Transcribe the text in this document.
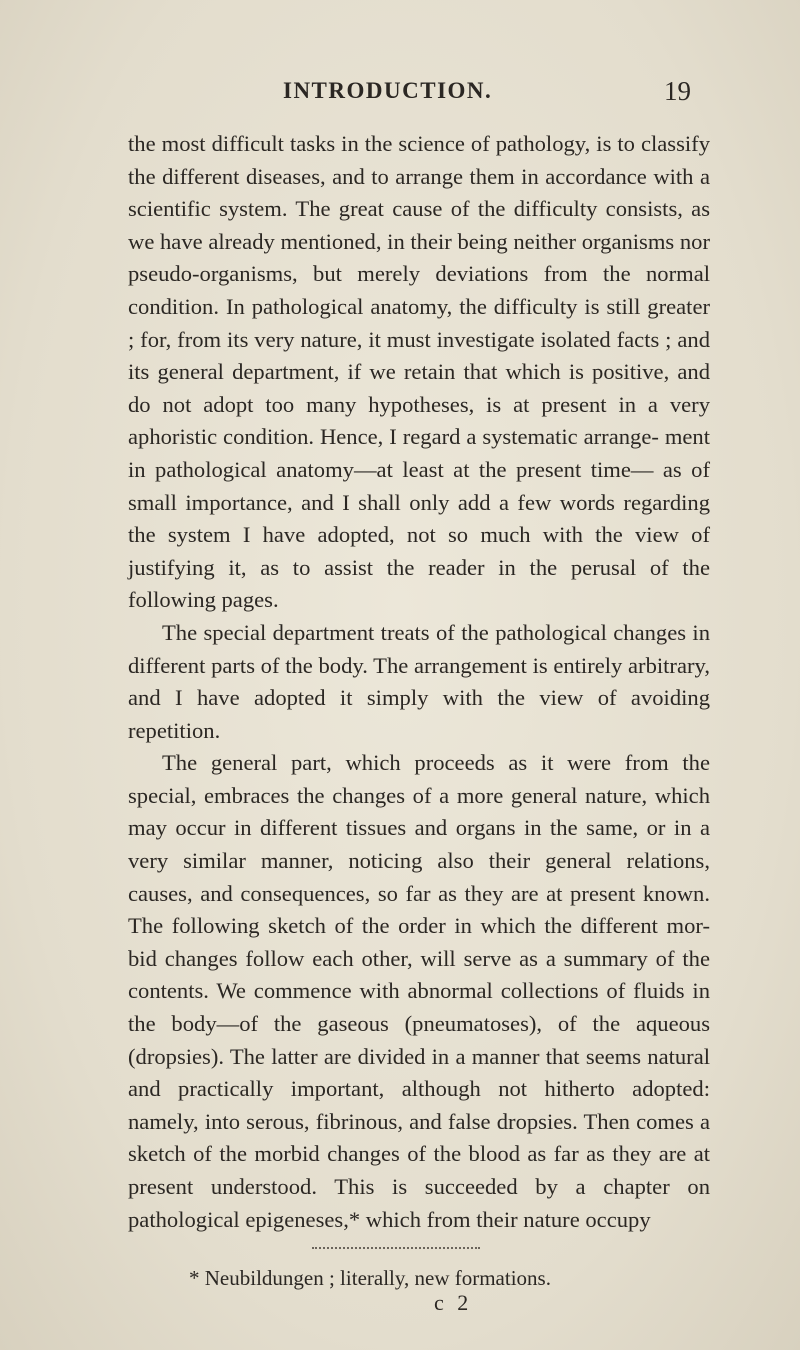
INTRODUCTION.	19

the most difficult tasks in the science of pathology, is to classify the different diseases, and to arrange them in accordance with a scientific system. The great cause of the difficulty consists, as we have already mentioned, in their being neither organisms nor pseudo-organisms, but merely deviations from the normal condition. In pathological anatomy, the difficulty is still greater ; for, from its very nature, it must investigate isolated facts ; and its general department, if we retain that which is positive, and do not adopt too many hypotheses, is at present in a very aphoristic condition. Hence, I regard a systematic arrange- ment in pathological anatomy—at least at the present time— as of small importance, and I shall only add a few words regarding the system I have adopted, not so much with the view of justifying it, as to assist the reader in the perusal of the following pages.

The special department treats of the pathological changes in different parts of the body. The arrangement is entirely arbitrary, and I have adopted it simply with the view of avoiding repetition.

The general part, which proceeds as it were from the special, embraces the changes of a more general nature, which may occur in different tissues and organs in the same, or in a very similar manner, noticing also their general relations, causes, and consequences, so far as they are at present known. The following sketch of the order in which the different mor- bid changes follow each other, will serve as a summary of the contents. We commence with abnormal collections of fluids in the body—of the gaseous (pneumatoses), of the aqueous (dropsies). The latter are divided in a manner that seems natural and practically important, although not hitherto adopted: namely, into serous, fibrinous, and false dropsies. Then comes a sketch of the morbid changes of the blood as far as they are at present understood. This is succeeded by a chapter on pathological epigeneses,* which from their nature occupy

* Neubildungen ; literally, new formations.
c 2
